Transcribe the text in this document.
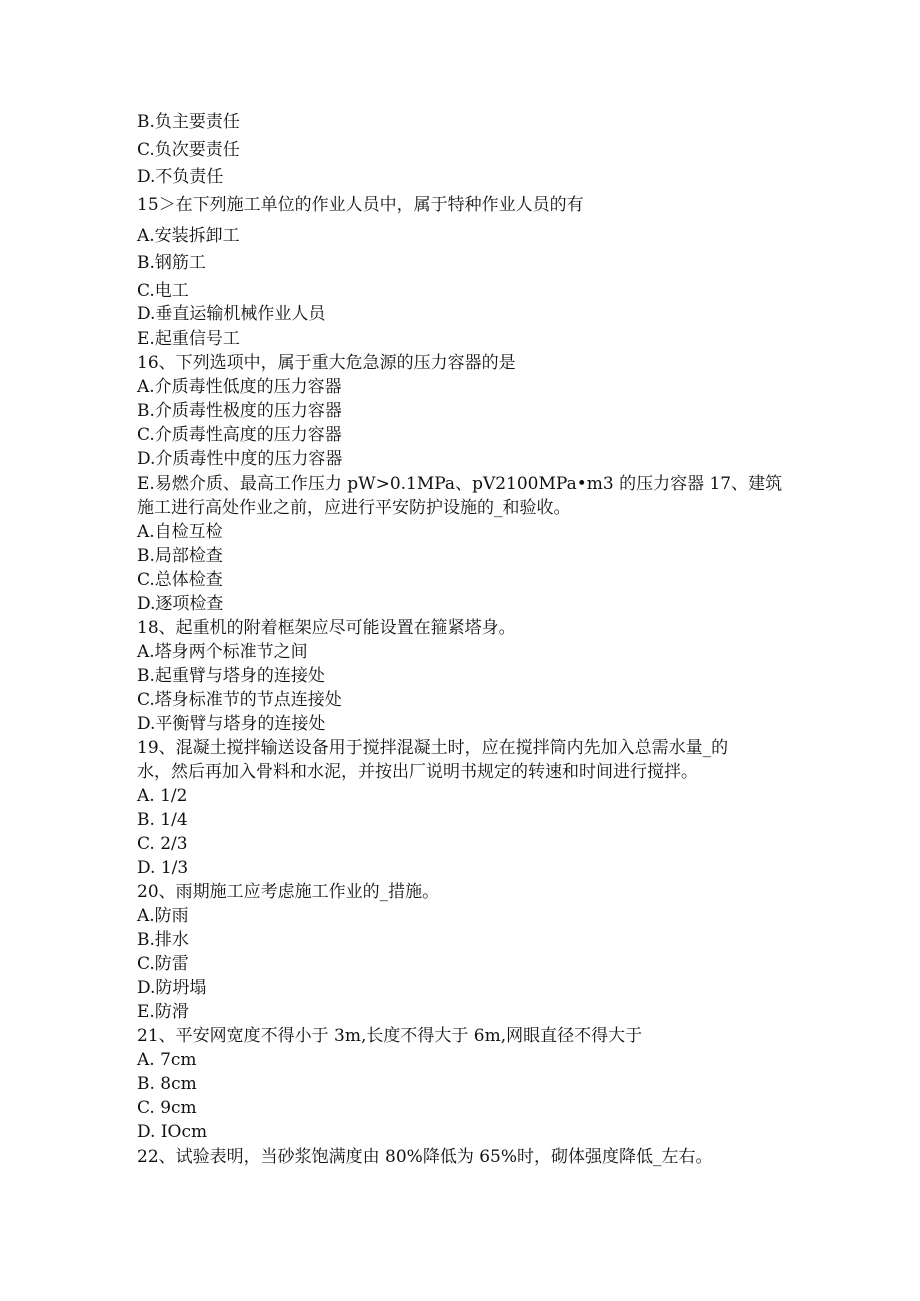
B.负主要责任

C.负次要责任

D.不负责任

15＞在下列施工单位的作业人员中，属于特种作业人员的有

A.安装拆卸工

B.钢筋工

C.电工

D.垂直运输机械作业人员

E.起重信号工

16、下列选项中，属于重大危急源的压力容器的是

A.介质毒性低度的压力容器

B.介质毒性极度的压力容器

C.介质毒性高度的压力容器

D.介质毒性中度的压力容器

E.易燃介质、最高工作压力 pW>0.1MPa、pV2100MPa•m3 的压力容器 17、建筑

施工进行高处作业之前，应进行平安防护设施的_和验收。

A.自检互检

B.局部检查

C.总体检查

D.逐项检查

18、起重机的附着框架应尽可能设置在箍紧塔身。

A.塔身两个标准节之间

B.起重臂与塔身的连接处

C.塔身标准节的节点连接处

D.平衡臂与塔身的连接处

19、混凝土搅拌输送设备用于搅拌混凝土时，应在搅拌筒内先加入总需水量_的

水，然后再加入骨料和水泥，并按出厂说明书规定的转速和时间进行搅拌。

A. 1/2

B. 1/4

C. 2/3

D. 1/3

20、雨期施工应考虑施工作业的_措施。

A.防雨

B.排水

C.防雷

D.防坍塌

E.防滑

21、平安网宽度不得小于 3m,长度不得大于 6m,网眼直径不得大于

A. 7cm

B. 8cm

C. 9cm

D. IOcm

22、试验表明，当砂浆饱满度由 80%降低为 65%时，砌体强度降低_左右。
